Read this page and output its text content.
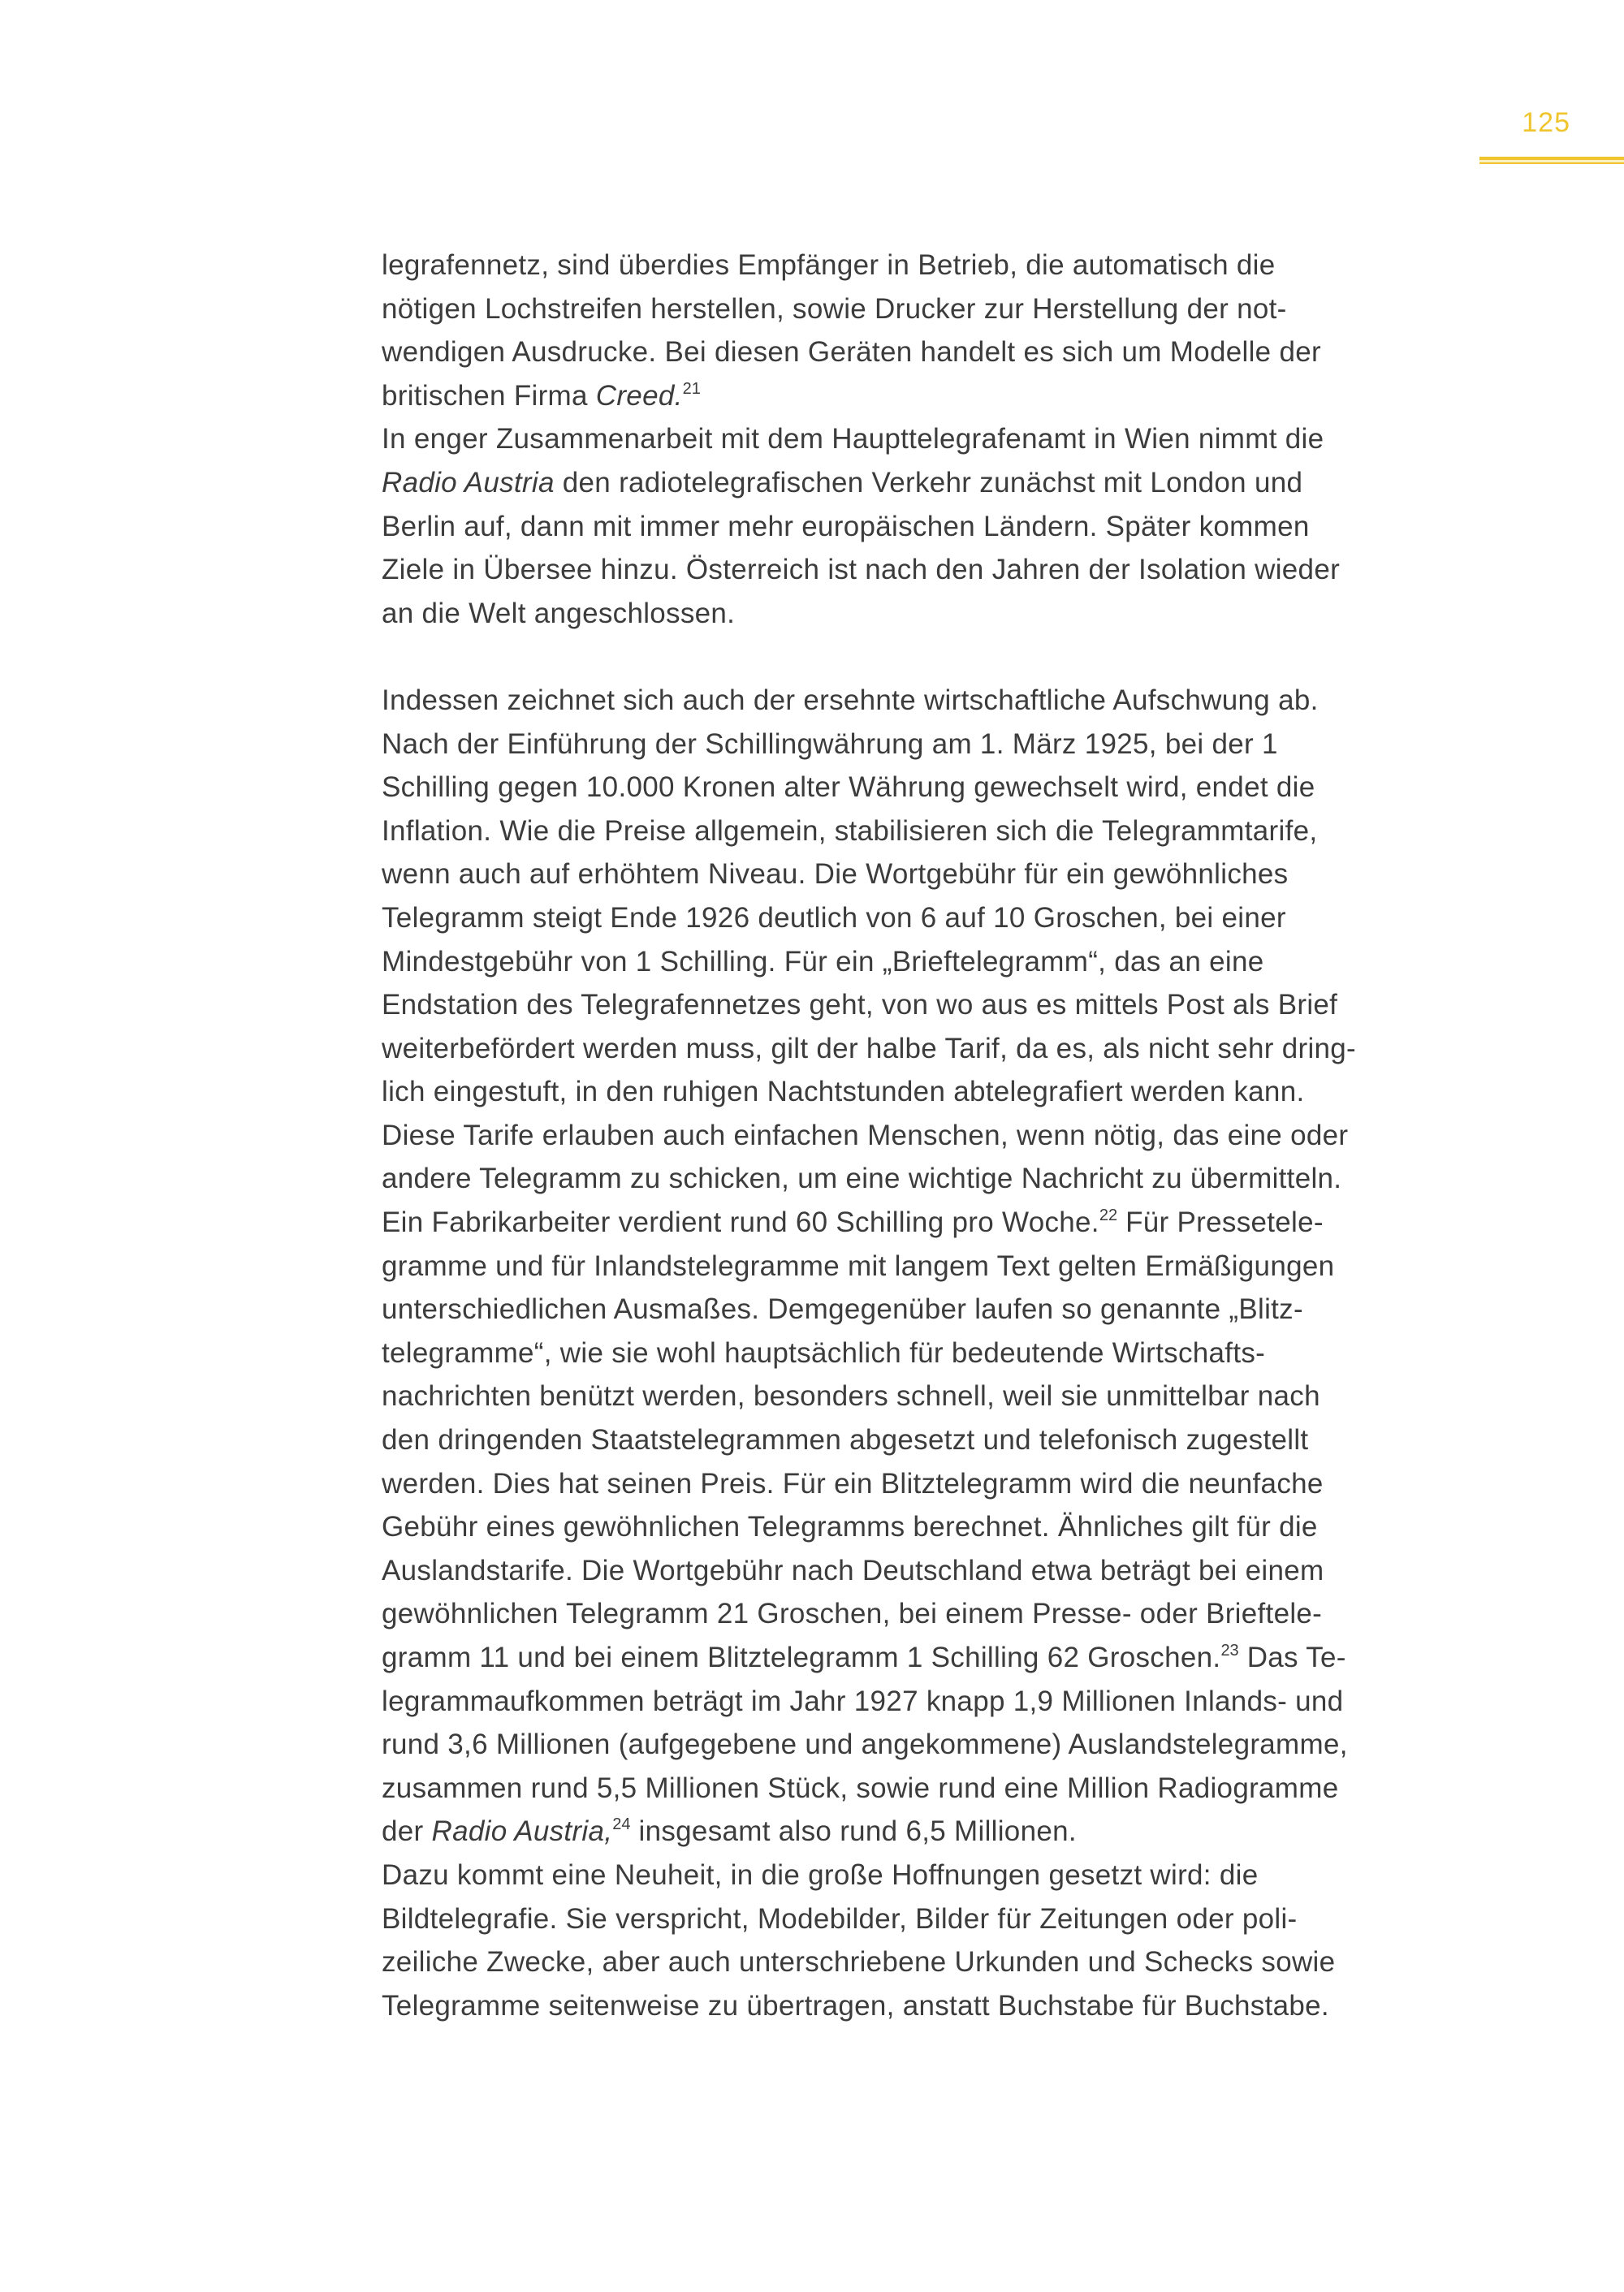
125
legrafennetz, sind überdies Empfänger in Betrieb, die automatisch die
nötigen Lochstreifen herstellen, sowie Drucker zur Herstellung der not-
wendigen Ausdrucke. Bei diesen Geräten handelt es sich um Modelle der
britischen Firma Creed.$^{21}$
In enger Zusammenarbeit mit dem Haupttelegrafenamt in Wien nimmt die
Radio Austria den radiotelegrafischen Verkehr zunächst mit London und
Berlin auf, dann mit immer mehr europäischen Ländern. Später kommen
Ziele in Übersee hinzu. Österreich ist nach den Jahren der Isolation wieder
an die Welt angeschlossen.
Indessen zeichnet sich auch der ersehnte wirtschaftliche Aufschwung ab.
Nach der Einführung der Schillingwährung am 1. März 1925, bei der 1
Schilling gegen 10.000 Kronen alter Währung gewechselt wird, endet die
Inflation. Wie die Preise allgemein, stabilisieren sich die Telegrammtarife,
wenn auch auf erhöhtem Niveau. Die Wortgebühr für ein gewöhnliches
Telegramm steigt Ende 1926 deutlich von 6 auf 10 Groschen, bei einer
Mindestgebühr von 1 Schilling. Für ein „Brieftelegramm“, das an eine
Endstation des Telegrafennetzes geht, von wo aus es mittels Post als Brief
weiterbefördert werden muss, gilt der halbe Tarif, da es, als nicht sehr dring-
lich eingestuft, in den ruhigen Nachtstunden abtelegrafiert werden kann.
Diese Tarife erlauben auch einfachen Menschen, wenn nötig, das eine oder
andere Telegramm zu schicken, um eine wichtige Nachricht zu übermitteln.
Ein Fabrikarbeiter verdient rund 60 Schilling pro Woche.$^{22}$ Für Pressetele-
gramme und für Inlandstelegramme mit langem Text gelten Ermäßigungen
unterschiedlichen Ausmaßes. Demgegenüber laufen so genannte „Blitz-
telegramme“, wie sie wohl hauptsächlich für bedeutende Wirtschafts-
nachrichten benützt werden, besonders schnell, weil sie unmittelbar nach
den dringenden Staatstelegrammen abgesetzt und telefonisch zugestellt
werden. Dies hat seinen Preis. Für ein Blitztelegramm wird die neunfache
Gebühr eines gewöhnlichen Telegramms berechnet. Ähnliches gilt für die
Auslandstarife. Die Wortgebühr nach Deutschland etwa beträgt bei einem
gewöhnlichen Telegramm 21 Groschen, bei einem Presse- oder Brieftele-
gramm 11 und bei einem Blitztelegramm 1 Schilling 62 Groschen.$^{23}$ Das Te-
legrammaufkommen beträgt im Jahr 1927 knapp 1,9 Millionen Inlands- und
rund 3,6 Millionen (aufgegebene und angekommene) Auslandstelegramme,
zusammen rund 5,5 Millionen Stück, sowie rund eine Million Radiogramme
der Radio Austria,$^{24}$ insgesamt also rund 6,5 Millionen.
Dazu kommt eine Neuheit, in die große Hoffnungen gesetzt wird: die
Bildtelegrafie. Sie verspricht, Modebilder, Bilder für Zeitungen oder poli-
zeiliche Zwecke, aber auch unterschriebene Urkunden und Schecks sowie
Telegramme seitenweise zu übertragen, anstatt Buchstabe für Buchstabe.
